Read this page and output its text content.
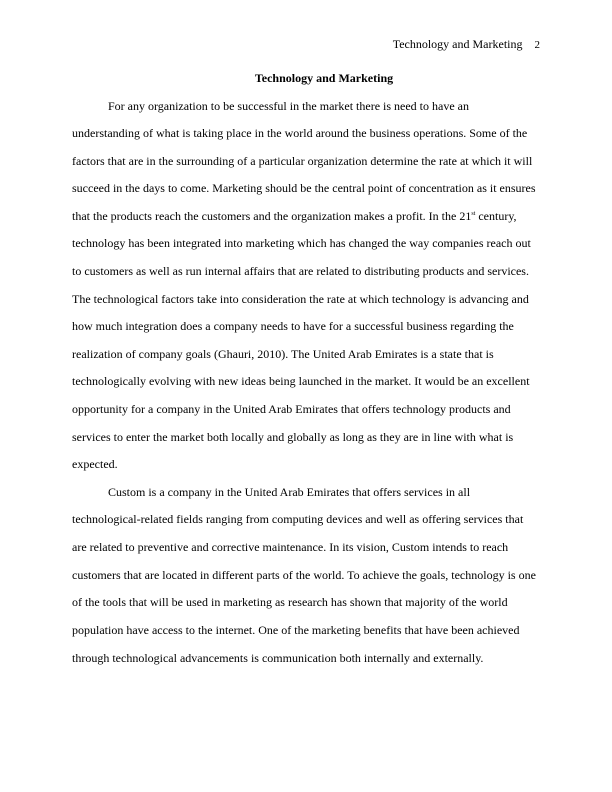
Technology and Marketing 2
Technology and Marketing
For any organization to be successful in the market there is need to have an
understanding of what is taking place in the world around the business operations. Some of the
factors that are in the surrounding of a particular organization determine the rate at which it will
succeed in the days to come. Marketing should be the central point of concentration as it ensures
that the products reach the customers and the organization makes a profit. In the 21st century,
technology has been integrated into marketing which has changed the way companies reach out
to customers as well as run internal affairs that are related to distributing products and services.
The technological factors take into consideration the rate at which technology is advancing and
how much integration does a company needs to have for a successful business regarding the
realization of company goals (Ghauri, 2010). The United Arab Emirates is a state that is
technologically evolving with new ideas being launched in the market. It would be an excellent
opportunity for a company in the United Arab Emirates that offers technology products and
services to enter the market both locally and globally as long as they are in line with what is
expected.
Custom is a company in the United Arab Emirates that offers services in all
technological-related fields ranging from computing devices and well as offering services that
are related to preventive and corrective maintenance. In its vision, Custom intends to reach
customers that are located in different parts of the world. To achieve the goals, technology is one
of the tools that will be used in marketing as research has shown that majority of the world
population have access to the internet. One of the marketing benefits that have been achieved
through technological advancements is communication both internally and externally.
